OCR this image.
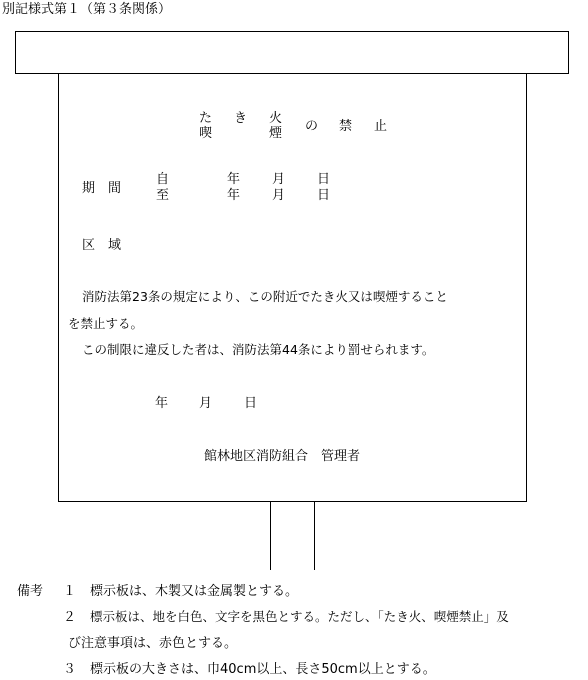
別記様式第１（第３条関係）
た
喫
き 火
煙 の 禁 止
期　間
自
至
年 月 日
年 月 日
区　域
消防法第23条の規定により、この附近でたき火又は喫煙すること
を禁止する。
この制限に違反した者は、消防法第44条により罰せられます。
年 月 日
館林地区消防組合　管理者
備考 １ 標示板は、木製又は金属製とする。
２ 標示板は、地を白色、文字を黒色とする。ただし、「たき火、喫煙禁止」及
び注意事項は、赤色とする。
３ 標示板の大きさは、巾40cm以上、長さ50cm以上とする。
